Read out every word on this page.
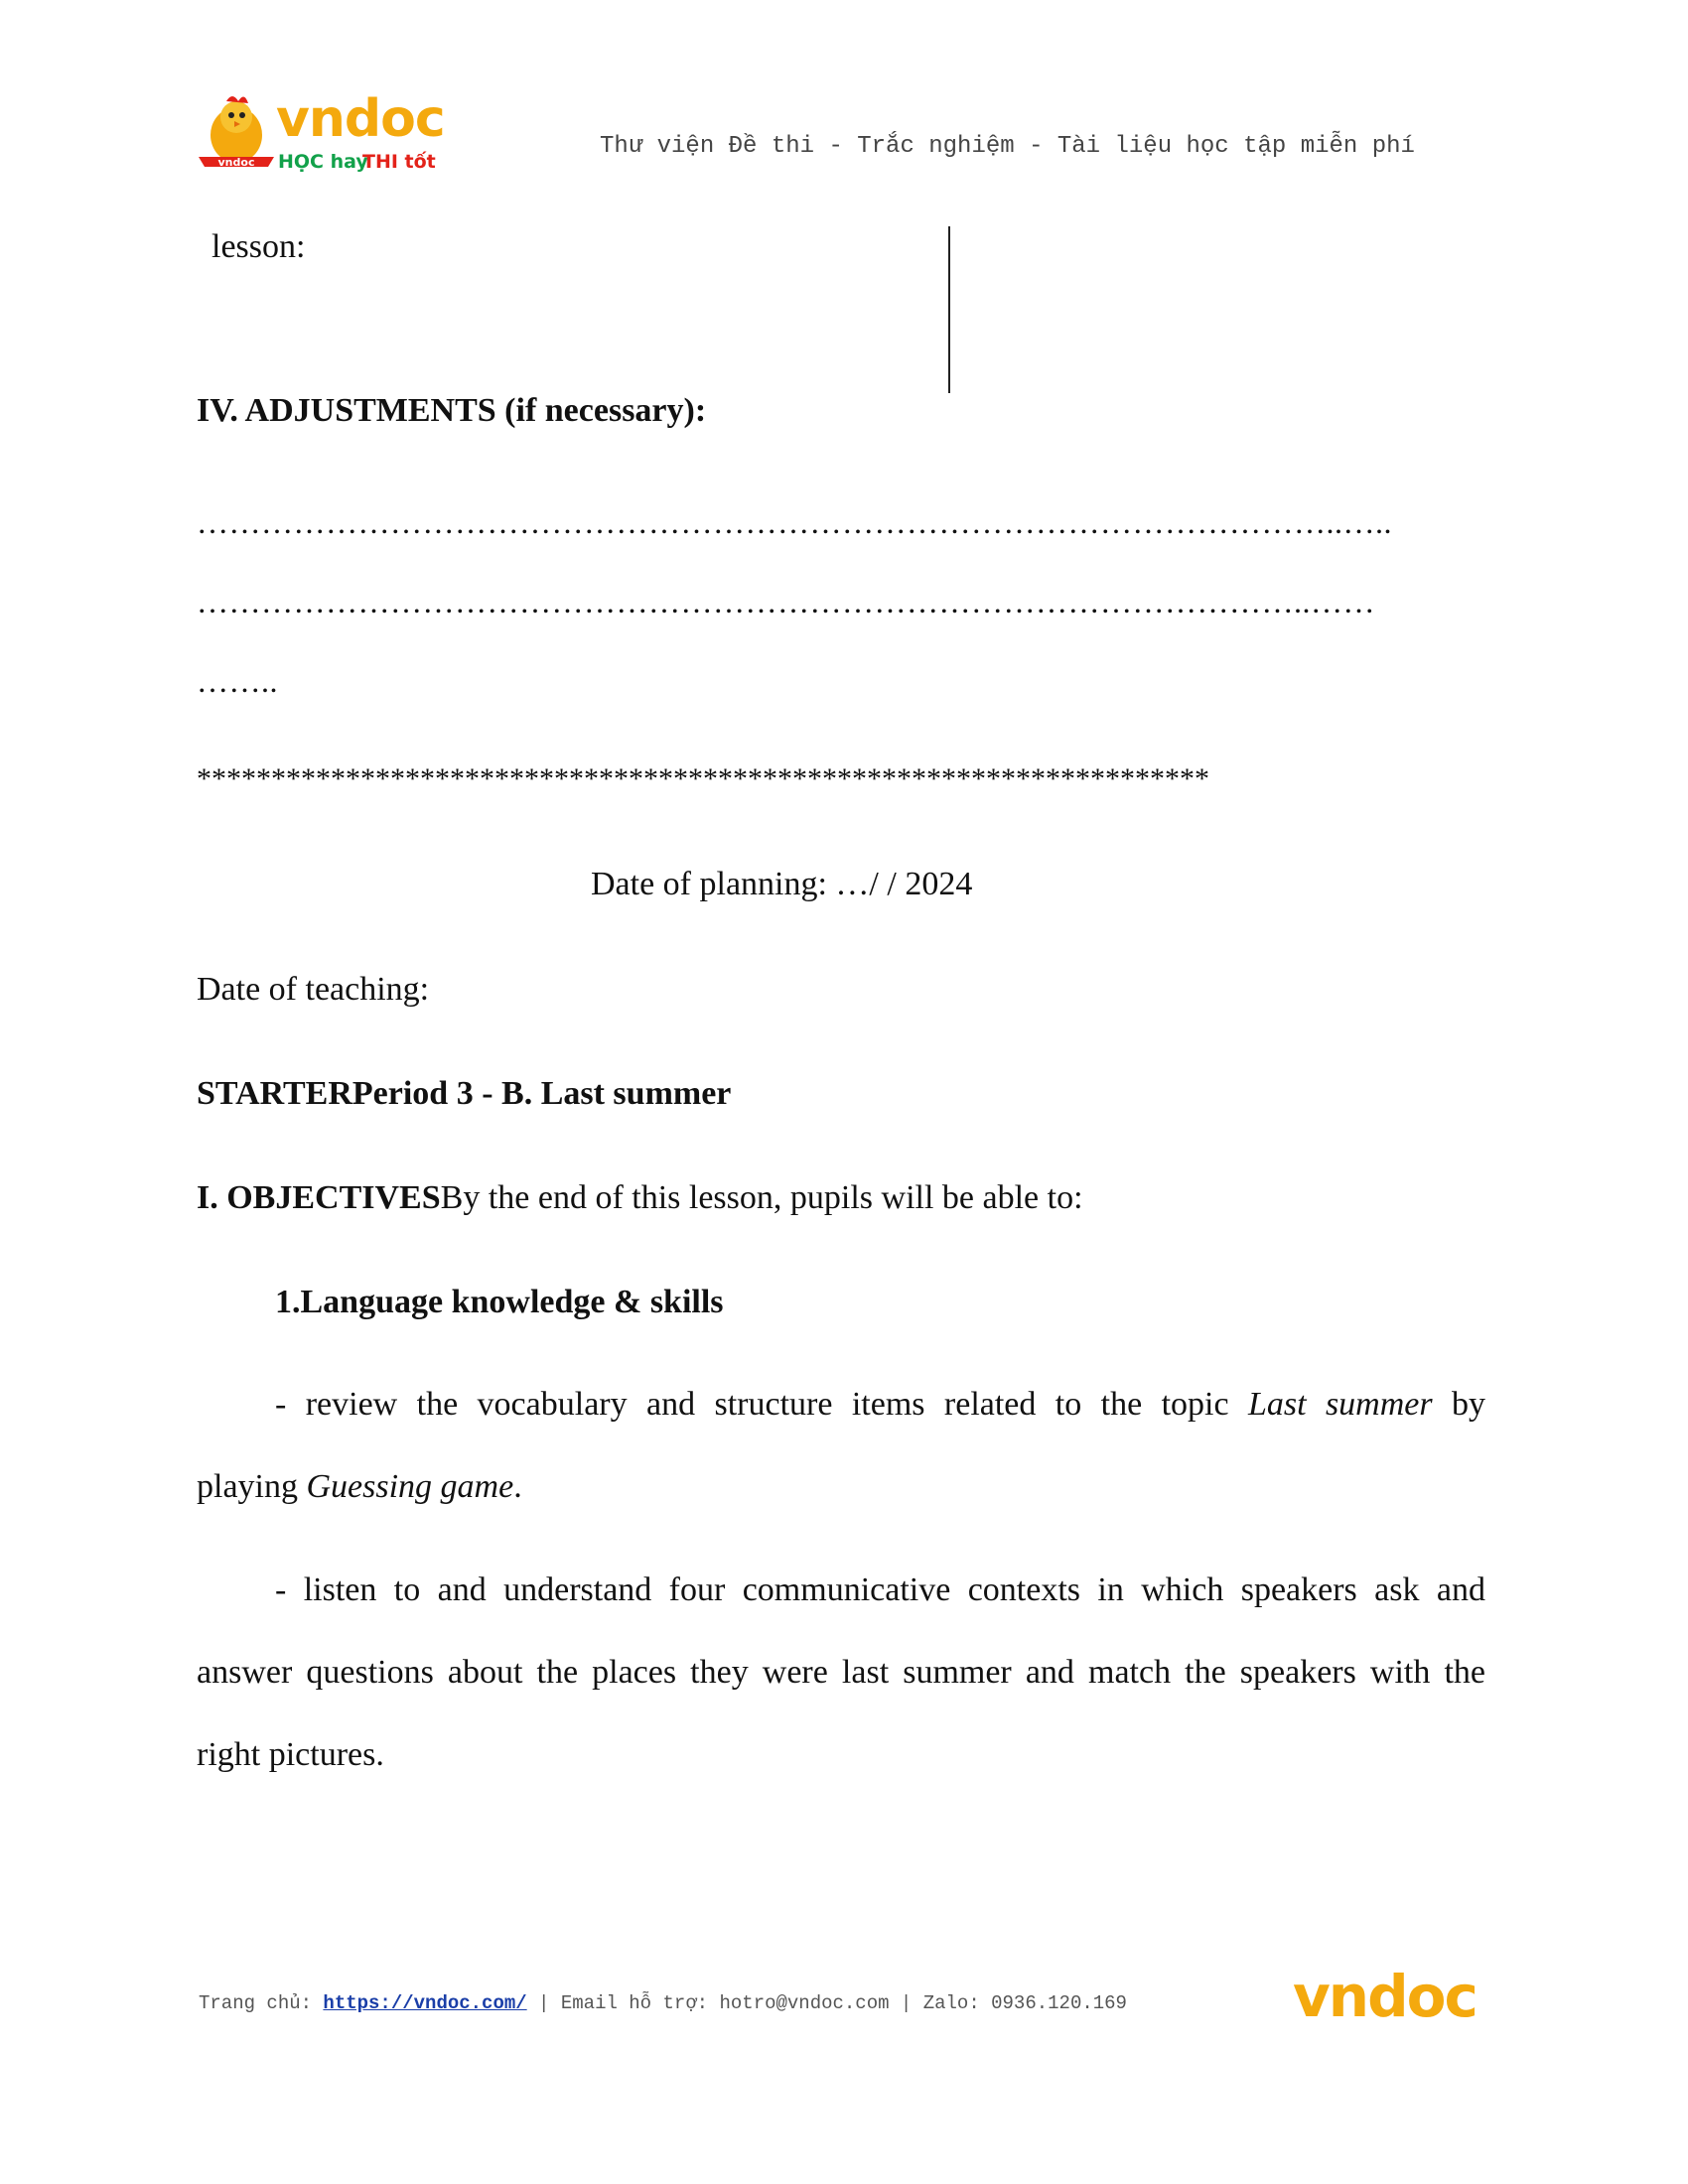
vndoc
vndoc
HỌC hay
THI tốt
Thư viện Đề thi - Trắc nghiệm - Tài liệu học tập miễn phí
lesson:
IV. ADJUSTMENTS (if necessary):
……………………………………………………………………………………………..…..
…………………………………………………………………………………………..……
……..
********************************************************************
Date of planning: …/ / 2024
Date of teaching:
STARTERPeriod 3 - B. Last summer
I. OBJECTIVESBy the end of this lesson, pupils will be able to:
1.Language knowledge & skills
- review the vocabulary and structure items related to the topic Last summer by
playing Guessing game.
- listen to and understand four communicative contexts in which speakers ask and
answer questions about the places they were last summer and match the speakers with the
right pictures.
Trang chủ: https://vndoc.com/ | Email hỗ trợ: hotro@vndoc.com | Zalo: 0936.120.169	vndoc
